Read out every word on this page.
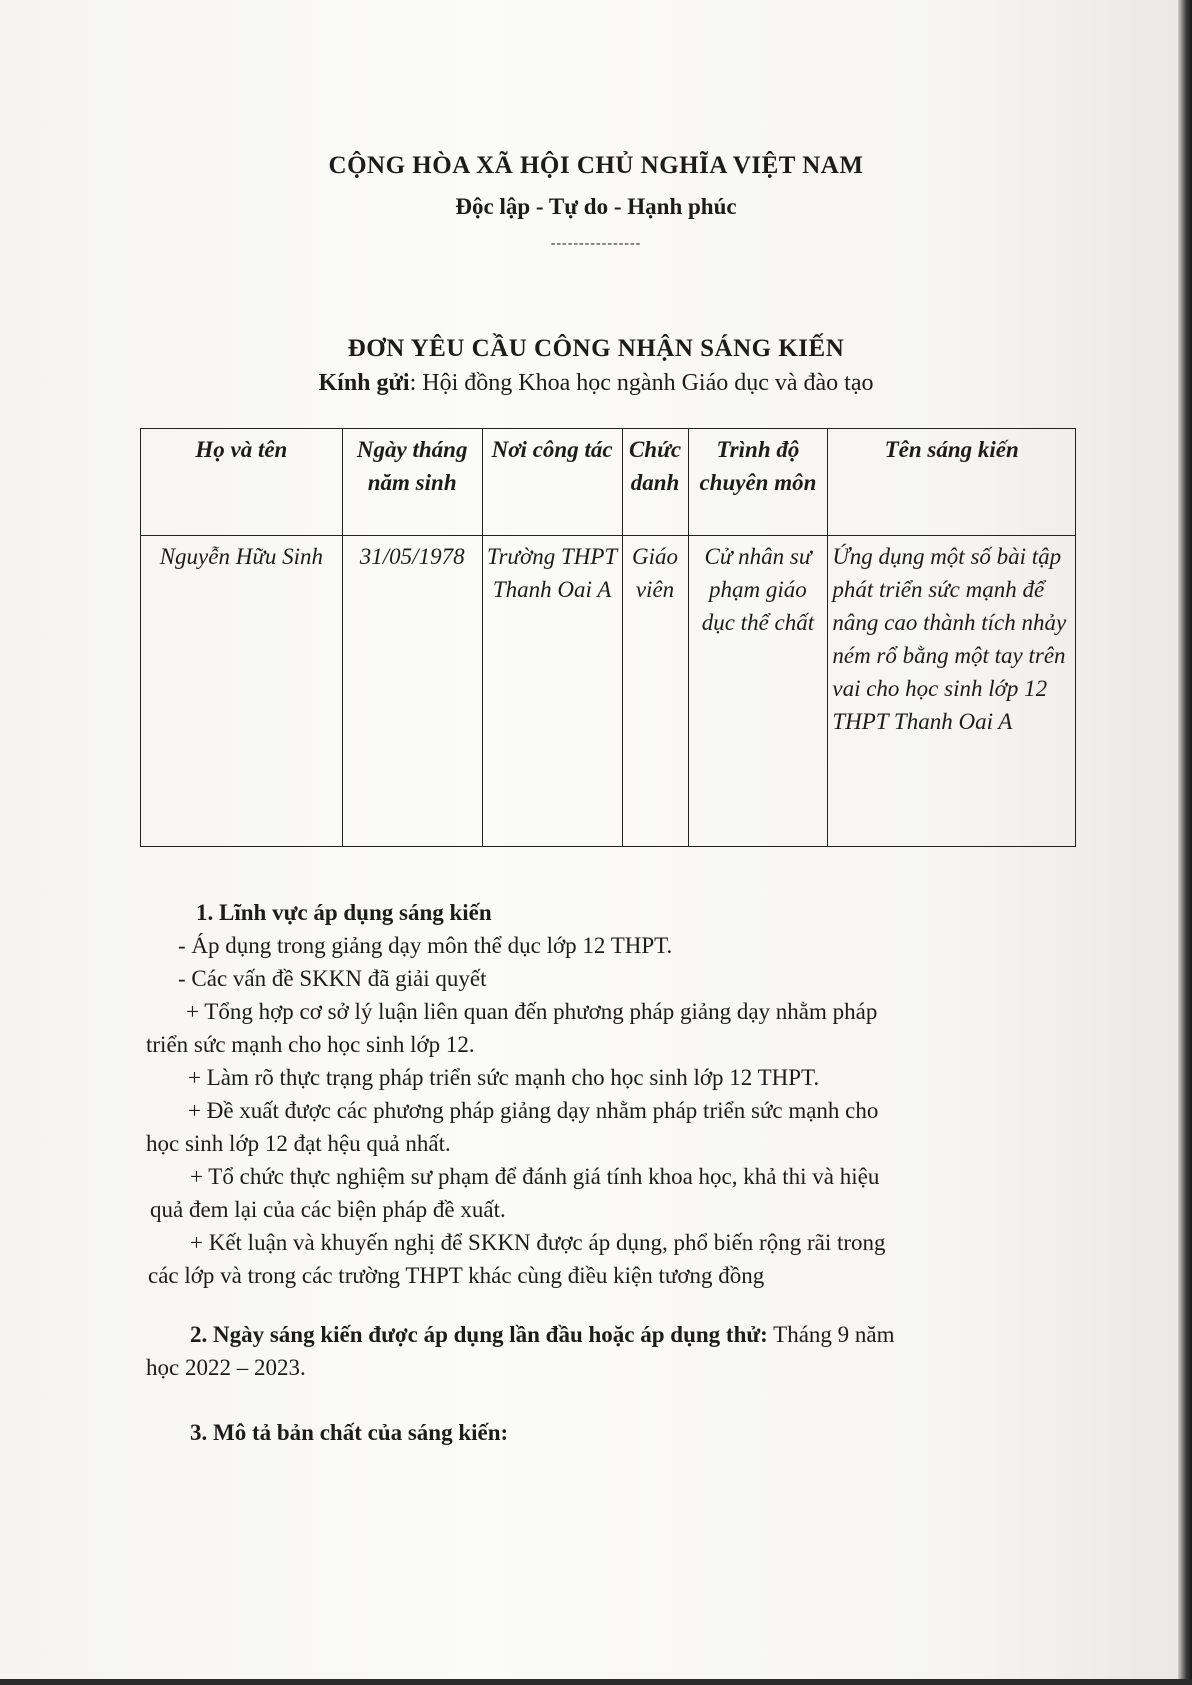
CỘNG HÒA XÃ HỘI CHỦ NGHĨA VIỆT NAM
Độc lập - Tự do - Hạnh phúc
----------------
ĐƠN YÊU CẦU CÔNG NHẬN SÁNG KIẾN
Kính gửi: Hội đồng Khoa học ngành Giáo dục và đào tạo
Họ và tên	Ngày tháng năm sinh	Nơi công tác	Chức danh	Trình độ chuyên môn	Tên sáng kiến
Nguyễn Hữu Sinh	31/05/1978	Trường THPT Thanh Oai A	Giáo viên	Cử nhân sư phạm giáo dục thể chất	Ứng dụng một số bài tập phát triển sức mạnh để nâng cao thành tích nhảy ném rổ bằng một tay trên vai cho học sinh lớp 12 THPT Thanh Oai A
1. Lĩnh vực áp dụng sáng kiến
- Áp dụng trong giảng dạy môn thể dục lớp 12 THPT.
- Các vấn đề SKKN đã giải quyết
+ Tổng hợp cơ sở lý luận liên quan đến phương pháp giảng dạy nhằm pháp
triển sức mạnh cho học sinh lớp 12.
+ Làm rõ thực trạng pháp triển sức mạnh cho học sinh lớp 12 THPT.
+ Đề xuất được các phương pháp giảng dạy nhằm pháp triển sức mạnh cho
học sinh lớp 12 đạt hệu quả nhất.
+ Tổ chức thực nghiệm sư phạm để đánh giá tính khoa học, khả thi và hiệu
quả đem lại của các biện pháp đề xuất.
+ Kết luận và khuyến nghị để SKKN được áp dụng, phổ biến rộng rãi trong
các lớp và trong các trường THPT khác cùng điều kiện tương đồng
2. Ngày sáng kiến được áp dụng lần đầu hoặc áp dụng thử: Tháng 9 năm
học 2022 – 2023.
3. Mô tả bản chất của sáng kiến:
